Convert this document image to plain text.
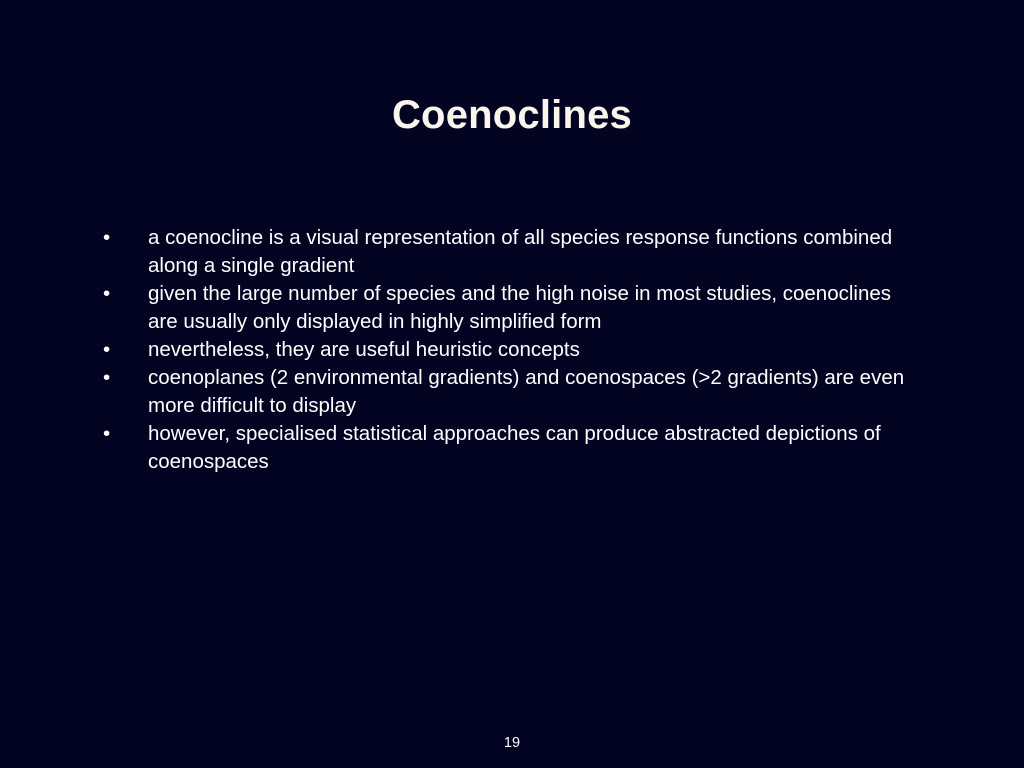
Coenoclines
•	a coenocline is a visual representation of all species response functions combined along a single gradient
•	given the large number of species and the high noise in most studies, coenoclines are usually only displayed in highly simplified form
•	nevertheless, they are useful heuristic concepts
•	coenoplanes (2 environmental gradients) and coenospaces (>2 gradients) are even more difficult to display
•	however, specialised statistical approaches can produce abstracted depictions of coenospaces
19
